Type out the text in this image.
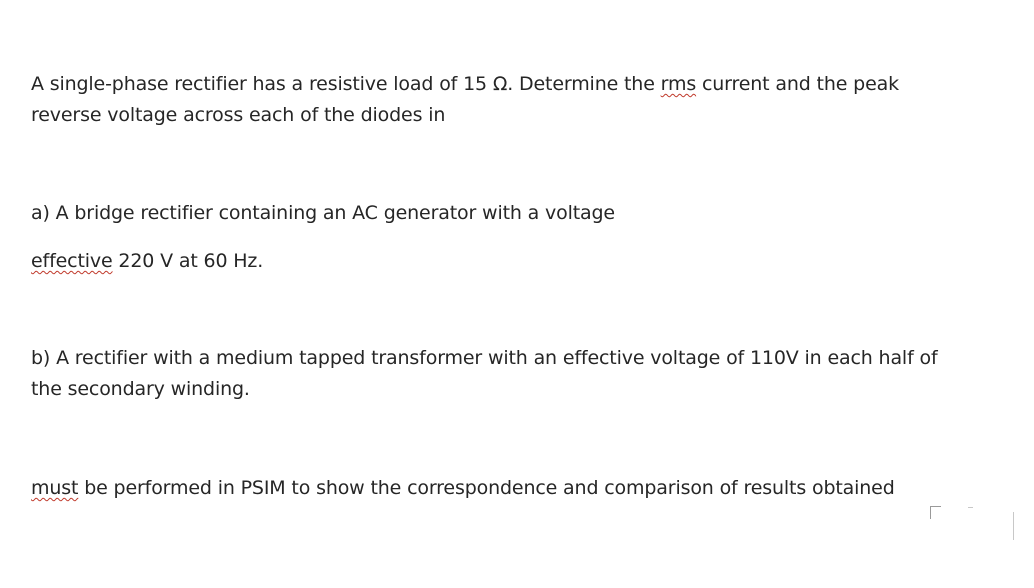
A single-phase rectifier has a resistive load of 15 Ω. Determine the rms current and the peak
reverse voltage across each of the diodes in
a) A bridge rectifier containing an AC generator with a voltage
effective 220 V at 60 Hz.
b) A rectifier with a medium tapped transformer with an effective voltage of 110V in each half of
the secondary winding.
must be performed in PSIM to show the correspondence and comparison of results obtained
